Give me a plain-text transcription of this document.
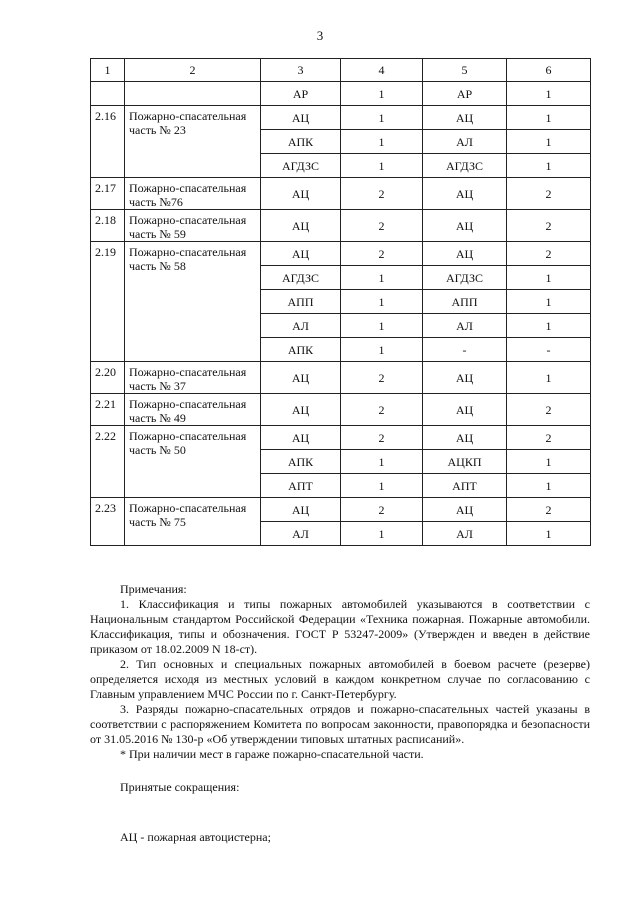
3
1	2	3	4	5	6
		АР	1	АР	1
2.16	Пожарно-спасательная часть № 23	АЦ	1	АЦ	1
		АПК	1	АЛ	1
		АГДЗС	1	АГДЗС	1
2.17	Пожарно-спасательная часть №76	АЦ	2	АЦ	2
2.18	Пожарно-спасательная часть № 59	АЦ	2	АЦ	2
2.19	Пожарно-спасательная часть № 58	АЦ	2	АЦ	2
		АГДЗС	1	АГДЗС	1
		АПП	1	АПП	1
		АЛ	1	АЛ	1
		АПК	1	-	-
2.20	Пожарно-спасательная часть № 37	АЦ	2	АЦ	1
2.21	Пожарно-спасательная часть № 49	АЦ	2	АЦ	2
2.22	Пожарно-спасательная часть № 50	АЦ	2	АЦ	2
		АПК	1	АЦКП	1
		АПТ	1	АПТ	1
2.23	Пожарно-спасательная часть № 75	АЦ	2	АЦ	2
		АЛ	1	АЛ	1

Примечания:

1. Классификация и типы пожарных автомобилей указываются в соответствии с Национальным стандартом Российской Федерации «Техника пожарная. Пожарные автомобили. Классификация, типы и обозначения. ГОСТ Р 53247-2009» (Утвержден и введен в действие приказом от 18.02.2009 N 18-ст).

2. Тип основных и специальных пожарных автомобилей в боевом расчете (резерве) определяется исходя из местных условий в каждом конкретном случае по согласованию с Главным управлением МЧС России по г. Санкт-Петербургу.

3. Разряды пожарно-спасательных отрядов и пожарно-спасательных частей указаны в соответствии с распоряжением Комитета по вопросам законности, правопорядка и безопасности от 31.05.2016 № 130-р «Об утверждении типовых штатных расписаний».

* При наличии мест в гараже пожарно-спасательной части.

Принятые сокращения:
АЦ - пожарная автоцистерна;
